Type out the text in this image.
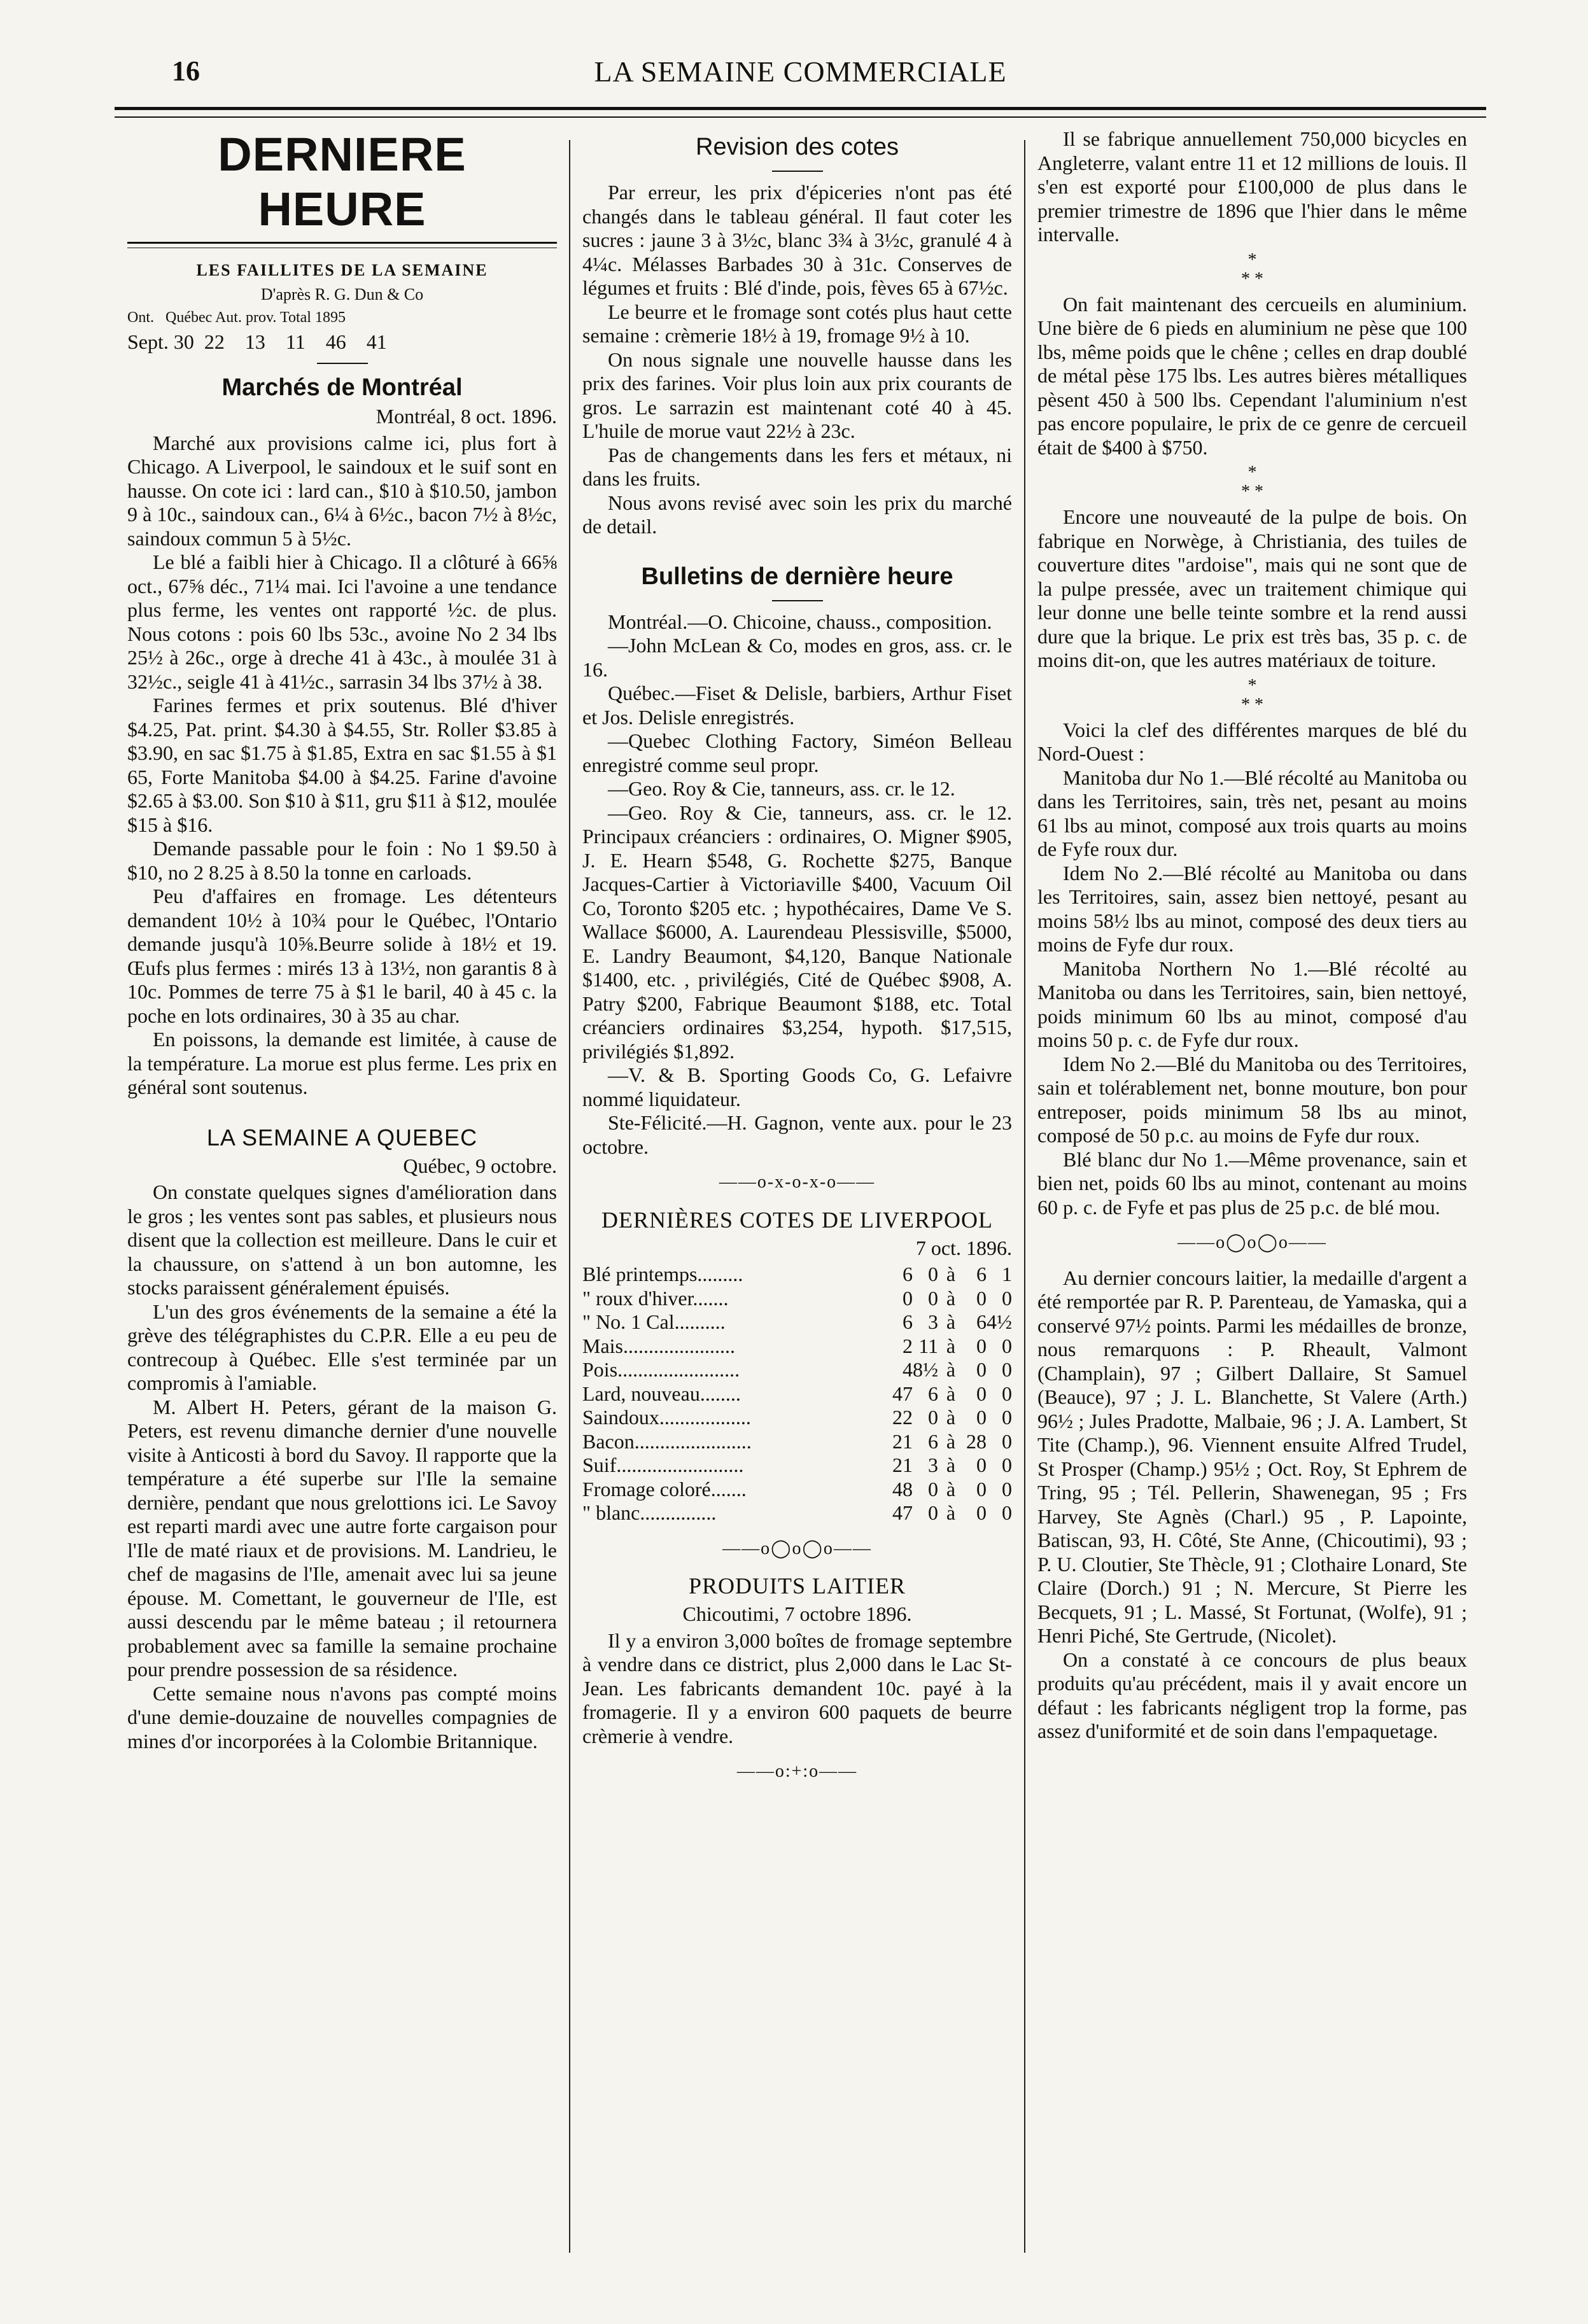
16	LA SEMAINE COMMERCIALE
DERNIERE HEURE

LES FAILLITES DE LA SEMAINE

D'après R. G. Dun & Co

Ont.   Québec Aut. prov. Total 1895

Sept. 30  22    13    11    46    41

Marchés de Montréal

Montréal, 8 oct. 1896.

Marché aux provisions calme ici, plus fort à Chicago. A Liverpool, le saindoux et le suif sont en hausse. On cote ici : lard can., $10 à $10.50, jambon 9 à 10c., saindoux can., 6¼ à 6½c., bacon 7½ à 8½c, saindoux commun 5 à 5½c.

Le blé a faibli hier à Chicago. Il a clôturé à 66⅝ oct., 67⅝ déc., 71¼ mai. Ici l'avoine a une tendance plus ferme, les ventes ont rapporté ½c. de plus. Nous cotons : pois 60 lbs 53c., avoine No 2 34 lbs 25½ à 26c., orge à dreche 41 à 43c., à moulée 31 à 32½c., seigle 41 à 41½c., sarrasin 34 lbs 37½ à 38.

Farines fermes et prix soutenus. Blé d'hiver $4.25, Pat. print. $4.30 à $4.55, Str. Roller $3.85 à $3.90, en sac $1.75 à $1.85, Extra en sac $1.55 à $1 65, Forte Manitoba $4.00 à $4.25. Farine d'avoine $2.65 à $3.00. Son $10 à $11, gru $11 à $12, moulée $15 à $16.

Demande passable pour le foin : No 1 $9.50 à $10, no 2 8.25 à 8.50 la tonne en carloads.

Peu d'affaires en fromage. Les détenteurs demandent 10½ à 10¾ pour le Québec, l'Ontario demande jusqu'à 10⅝.Beurre solide à 18½ et 19. Œufs plus fermes : mirés 13 à 13½, non garantis 8 à 10c. Pommes de terre 75 à $1 le baril, 40 à 45 c. la poche en lots ordinaires, 30 à 35 au char.

En poissons, la demande est limitée, à cause de la température. La morue est plus ferme. Les prix en général sont soutenus.

LA SEMAINE A QUEBEC

Québec, 9 octobre.

On constate quelques signes d'amélioration dans le gros ; les ventes sont pas sables, et plusieurs nous disent que la collection est meilleure. Dans le cuir et la chaussure, on s'attend à un bon automne, les stocks paraissent généralement épuisés.

L'un des gros événements de la semaine a été la grève des télégraphistes du C.P.R. Elle a eu peu de contrecoup à Québec. Elle s'est terminée par un compromis à l'amiable.

M. Albert H. Peters, gérant de la maison G. Peters, est revenu dimanche dernier d'une nouvelle visite à Anticosti à bord du Savoy. Il rapporte que la température a été superbe sur l'Ile la semaine dernière, pendant que nous grelottions ici. Le Savoy est reparti mardi avec une autre forte cargaison pour l'Ile de maté riaux et de provisions. M. Landrieu, le chef de magasins de l'Ile, amenait avec lui sa jeune épouse. M. Comettant, le gouverneur de l'Ile, est aussi descendu par le même bateau ; il retournera probablement avec sa famille la semaine prochaine pour prendre possession de sa résidence.

Cette semaine nous n'avons pas compté moins d'une demie-douzaine de nouvelles compagnies de mines d'or incorporées à la Colombie Britannique.

Revision des cotes

Par erreur, les prix d'épiceries n'ont pas été changés dans le tableau général. Il faut coter les sucres : jaune 3 à 3½c, blanc 3¾ à 3½c, granulé 4 à 4¼c. Mélasses Barbades 30 à 31c. Conserves de légumes et fruits : Blé d'inde, pois, fèves 65 à 67½c.

Le beurre et le fromage sont cotés plus haut cette semaine : crèmerie 18½ à 19, fromage 9½ à 10.

On nous signale une nouvelle hausse dans les prix des farines. Voir plus loin aux prix courants de gros. Le sarrazin est maintenant coté 40 à 45. L'huile de morue vaut 22½ à 23c.

Pas de changements dans les fers et métaux, ni dans les fruits.

Nous avons revisé avec soin les prix du marché de detail.

Bulletins de dernière heure

Montréal.—O. Chicoine, chauss., composition.

—John McLean & Co, modes en gros, ass. cr. le 16.

Québec.—Fiset & Delisle, barbiers, Arthur Fiset et Jos. Delisle enregistrés.

—Quebec Clothing Factory, Siméon Belleau enregistré comme seul propr.

—Geo. Roy & Cie, tanneurs, ass. cr. le 12.

—Geo. Roy & Cie, tanneurs, ass. cr. le 12. Principaux créanciers : ordinaires, O. Migner $905, J. E. Hearn $548, G. Rochette $275, Banque Jacques-Cartier à Victoriaville $400, Vacuum Oil Co, Toronto $205 etc. ; hypothécaires, Dame Ve S. Wallace $6000, A. Laurendeau Plessisville, $5000, E. Landry Beaumont, $4,120, Banque Nationale $1400, etc. , privilégiés, Cité de Québec $908, A. Patry $200, Fabrique Beaumont $188, etc. Total créanciers ordinaires $3,254, hypoth. $17,515, privilégiés $1,892.

—V. & B. Sporting Goods Co, G. Lefaivre nommé liquidateur.

Ste-Félicité.—H. Gagnon, vente aux. pour le 23 octobre.

——o-x-o-x-o——

DERNIÈRES COTES DE LIVERPOOL

7 oct. 1896.

Blé printemps.........	6	0	à	6	1
" roux d'hiver.......	0	0	à	0	0
" No. 1 Cal..........	6	3	à	6	4½
Mais......................	2	11	à	0	0
Pois........................	4	8½	à	0	0
Lard, nouveau........	47	6	à	0	0
Saindoux..................	22	0	à	0	0
Bacon.......................	21	6	à	28	0
Suif.........................	21	3	à	0	0
Fromage coloré.......	48	0	à	0	0
" blanc...............	47	0	à	0	0

——o◯o◯o——

PRODUITS LAITIER

Chicoutimi, 7 octobre 1896.

Il y a environ 3,000 boîtes de fromage septembre à vendre dans ce district, plus 2,000 dans le Lac St-Jean. Les fabricants demandent 10c. payé à la fromagerie. Il y a environ 600 paquets de beurre crèmerie à vendre.

——o:+:o——

Il se fabrique annuellement 750,000 bicycles en Angleterre, valant entre 11 et 12 millions de louis. Il s'en est exporté pour £100,000 de plus dans le premier trimestre de 1896 que l'hier dans le même intervalle.

*
* *

On fait maintenant des cercueils en aluminium. Une bière de 6 pieds en aluminium ne pèse que 100 lbs, même poids que le chêne ; celles en drap doublé de métal pèse 175 lbs. Les autres bières métalliques pèsent 450 à 500 lbs. Cependant l'aluminium n'est pas encore populaire, le prix de ce genre de cercueil était de $400 à $750.

*
* *

Encore une nouveauté de la pulpe de bois. On fabrique en Norwège, à Christiania, des tuiles de couverture dites "ardoise", mais qui ne sont que de la pulpe pressée, avec un traitement chimique qui leur donne une belle teinte sombre et la rend aussi dure que la brique. Le prix est très bas, 35 p. c. de moins dit-on, que les autres matériaux de toiture.

*
* *

Voici la clef des différentes marques de blé du Nord-Ouest :

Manitoba dur No 1.—Blé récolté au Manitoba ou dans les Territoires, sain, très net, pesant au moins 61 lbs au minot, composé aux trois quarts au moins de Fyfe roux dur.

Idem No 2.—Blé récolté au Manitoba ou dans les Territoires, sain, assez bien nettoyé, pesant au moins 58½ lbs au minot, composé des deux tiers au moins de Fyfe dur roux.

Manitoba Northern No 1.—Blé récolté au Manitoba ou dans les Territoires, sain, bien nettoyé, poids minimum 60 lbs au minot, composé d'au moins 50 p. c. de Fyfe dur roux.

Idem No 2.—Blé du Manitoba ou des Territoires, sain et tolérablement net, bonne mouture, bon pour entreposer, poids minimum 58 lbs au minot, composé de 50 p.c. au moins de Fyfe dur roux.

Blé blanc dur No 1.—Même provenance, sain et bien net, poids 60 lbs au minot, contenant au moins 60 p. c. de Fyfe et pas plus de 25 p.c. de blé mou.

——o◯o◯o——

Au dernier concours laitier, la medaille d'argent a été remportée par R. P. Parenteau, de Yamaska, qui a conservé 97½ points. Parmi les médailles de bronze, nous remarquons : P. Rheault, Valmont (Champlain), 97 ; Gilbert Dallaire, St Samuel (Beauce), 97 ; J. L. Blanchette, St Valere (Arth.) 96½ ; Jules Pradotte, Malbaie, 96 ; J. A. Lambert, St Tite (Champ.), 96. Viennent ensuite Alfred Trudel, St Prosper (Champ.) 95½ ; Oct. Roy, St Ephrem de Tring, 95 ; Tél. Pellerin, Shawenegan, 95 ; Frs Harvey, Ste Agnès (Charl.) 95 , P. Lapointe, Batiscan, 93, H. Côté, Ste Anne, (Chicoutimi), 93 ; P. U. Cloutier, Ste Thècle, 91 ; Clothaire Lonard, Ste Claire (Dorch.) 91 ; N. Mercure, St Pierre les Becquets, 91 ; L. Massé, St Fortunat, (Wolfe), 91 ; Henri Piché, Ste Gertrude, (Nicolet).

On a constaté à ce concours de plus beaux produits qu'au précédent, mais il y avait encore un défaut : les fabricants négligent trop la forme, pas assez d'uniformité et de soin dans l'empaquetage.
